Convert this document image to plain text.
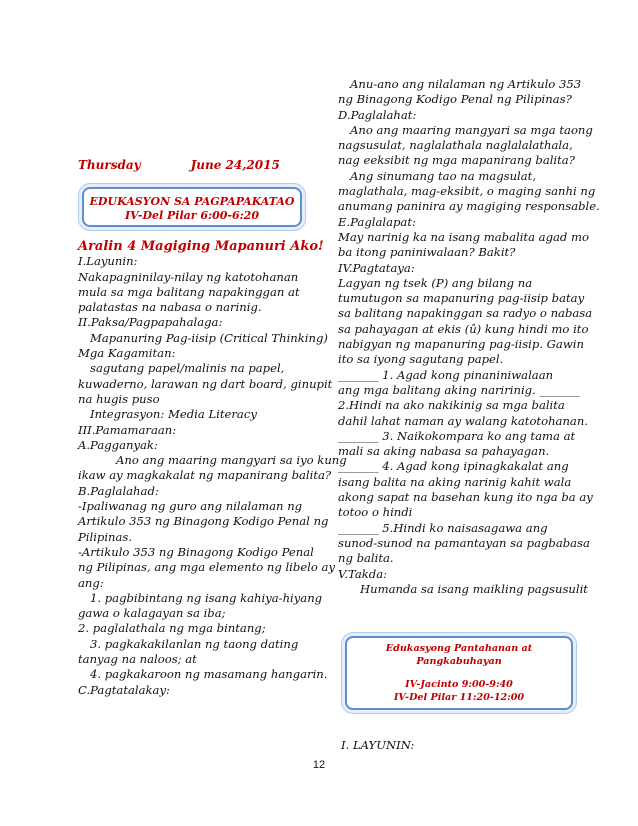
Thursday	June 24,2015

Aralin 4 Magiging Mapanuri Ako!

I.Layunin:

Nakapagninilay-nilay ng katotohanan

mula sa mga balitang napakinggan at

palatastas na nabasa o narinig.

II.Paksa/Pagpapahalaga:

Mapanuring Pag-iisip (Critical Thinking)

Mga Kagamitan:

sagutang papel/malinis na papel,

kuwaderno, larawan ng dart board, ginupit

na hugis puso

Integrasyon: Media Literacy

III.Pamamaraan:

A.Pagganyak:

Ano ang maaring mangyari sa iyo kung

ikaw ay magkakalat ng mapanirang balita?

B.Paglalahad:

-Ipaliwanag ng guro ang nilalaman ng

Artikulo 353 ng Binagong Kodigo Penal ng

Pilipinas.

-Artikulo 353 ng Binagong Kodigo Penal

ng Pilipinas, ang mga elemento ng libelo ay

ang:

1. pagbibintang ng isang kahiya-hiyang

gawa o kalagayan sa iba;

2. paglalathala ng mga bintang;

3. pagkakakilanlan ng taong dating

tanyag na naloos; at

4. pagkakaroon ng masamang hangarin.

C.Pagtatalakay:

EDUKASYON SA PAGPAPAKATAO
IV-Del Pilar 6:00-6:20

Anu-ano ang nilalaman ng Artikulo 353

ng Binagong Kodigo Penal ng Pilipinas?

D.Paglalahat:

Ano ang maaring mangyari sa mga taong

nagsusulat, naglalathala naglalalathala,

nag eeksibit ng mga mapanirang balita?

Ang sinumang tao na magsulat,

maglathala, mag-eksibit, o maging sanhi ng

anumang paninira ay magiging responsable.

E.Paglalapat:

May narinig ka na isang mabalita agad mo

ba itong paniniwalaan? Bakit?

IV.Pagtataya:

Lagyan ng tsek (P) ang bilang na

tumutugon sa mapanuring pag-iisip batay

sa balitang napakinggan sa radyo o nabasa

sa pahayagan at ekis (û) kung hindi mo ito

nabigyan ng mapanuring pag-iisip. Gawin

ito sa iyong sagutang papel.

_______ 1. Agad kong pinaniniwalaan

ang mga balitang aking naririnig. _______

2.Hindi na ako nakikinig sa mga balita

dahil lahat naman ay walang katotohanan.

_______ 3. Naikokompara ko ang tama at

mali sa aking nabasa sa pahayagan.

_______ 4. Agad kong ipinagkakalat ang

isang balita na aking narinig kahit wala

akong sapat na basehan kung ito nga ba ay

totoo o hindi

_______ 5.Hindi ko naisasagawa ang

sunod-sunod na pamantayan sa pagbabasa

ng balita.

V.Takda:

Humanda sa isang maikling pagsusulit

Edukasyong Pantahanan at Pangkabuhayan
IV-Jacinto 9:00-9:40
IV-Del Pilar 11:20-12:00
I. LAYUNIN:
12
